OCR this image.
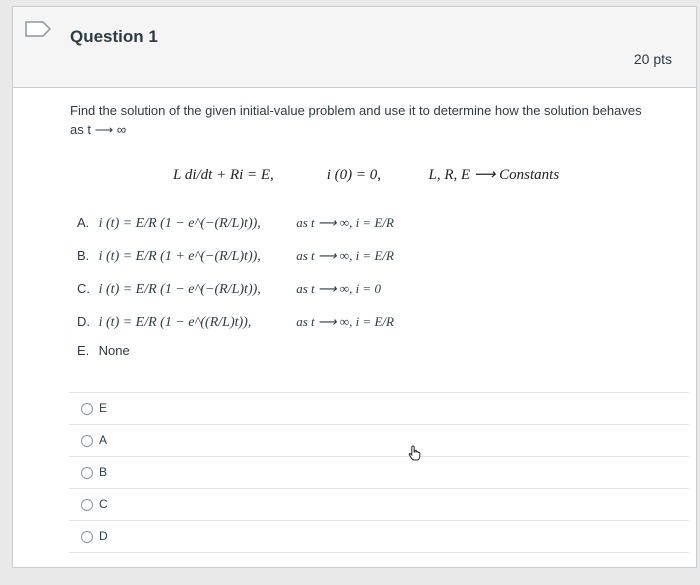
Question 1
20 pts
Find the solution of the given initial-value problem and use it to determine how the solution behaves as t ⟶ ∞
L di/dt + Ri = E,	i (0) = 0,	L, R, E ⟶ Constants
A. i (t) = E/R (1 − e^(−(R/L)t)),	as t ⟶ ∞, i = E/R
B. i (t) = E/R (1 + e^(−(R/L)t)),	as t ⟶ ∞, i = E/R
C. i (t) = E/R (1 − e^(−(R/L)t)),	as t ⟶ ∞, i = 0
D. i (t) = E/R (1 − e^((R/L)t)),	as t ⟶ ∞, i = E/R
E. None
E
A
B
C
D
